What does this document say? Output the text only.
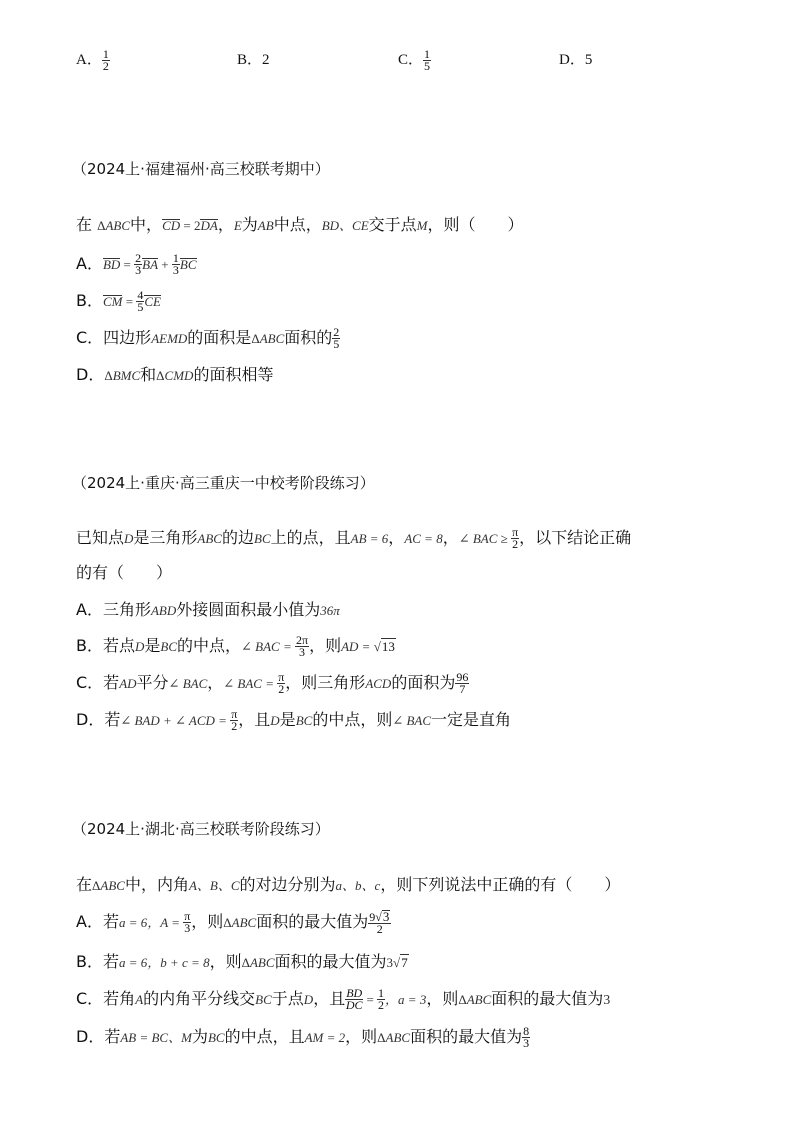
A． $\frac{1}{2}$	B．2	C． $\frac{1}{5}$	D．5
（2024上·福建福州·高三校联考期中）
在 ΔABC中，CD = 2DA，E为AB中点，BD、CE交于点M，则（　　）
A．BD = $\frac{2}{3}$ BA + $\frac{1}{3}$ BC
B．CM = $\frac{4}{5}$ CE
C．四边形AEMD的面积是ΔABC面积的 $\frac{2}{5}$
D．ΔBMC和ΔCMD的面积相等
（2024上·重庆·高三重庆一中校考阶段练习）
已知点D是三角形ABC的边BC上的点，且AB = 6，AC = 8，∠ BAC ≥ $\frac{\pi}{2}$ ，以下结论正确
的有（　　）
A．三角形ABD外接圆面积最小值为36π
B．若点D是BC的中点，∠ BAC = $\frac{2\pi}{3}$ ，则AD = √13
C．若AD平分∠ BAC，∠ BAC = $\frac{\pi}{2}$ ，则三角形ACD的面积为 $\frac{96}{7}$
D．若∠ BAD + ∠ ACD = $\frac{\pi}{2}$ ，且D是BC的中点，则∠ BAC一定是直角
（2024上·湖北·高三校联考阶段练习）
在ΔABC中，内角A、B、C的对边分别为a、b、c，则下列说法中正确的有（　　）
A．若a = 6，$A = \frac{\pi}{3}$ ，则ΔABC面积的最大值为 $\frac{9√3}{2}$
B．若a = 6，b + c = 8，则ΔABC面积的最大值为3√7
C．若角A的内角平分线交BC于点D，且 $\frac{BD}{DC} = \frac{1}{2}$ ，a = 3，则ΔABC面积的最大值为3
D．若AB = BC、M为BC的中点，且AM = 2，则ΔABC面积的最大值为 $\frac{8}{3}$
